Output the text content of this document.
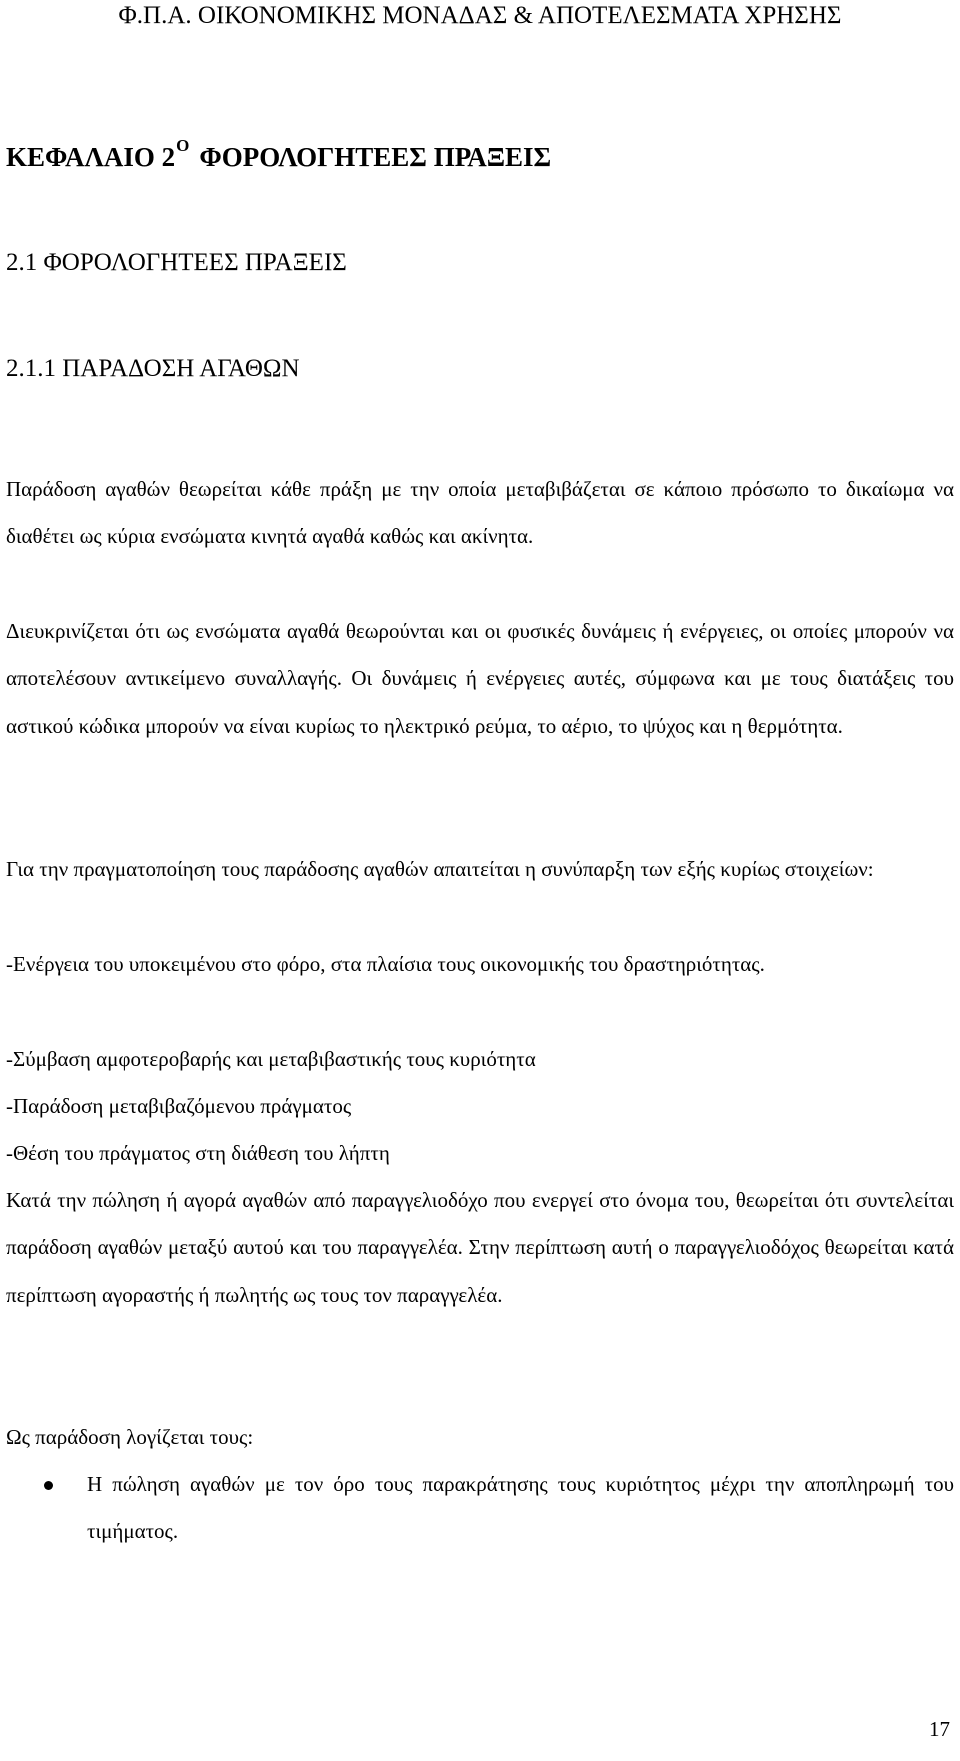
Φ.Π.Α. ΟΙΚΟΝΟΜΙΚΗΣ ΜΟΝΑΔΑΣ & ΑΠΟΤΕΛΕΣΜΑΤΑ ΧΡΗΣΗΣ
ΚΕΦΑΛΑΙΟ $2^O$ ΦΟΡΟΛΟΓΗΤΕΕΣ ΠΡΑΞΕΙΣ
2.1 ΦΟΡΟΛΟΓΗΤΕΕΣ ΠΡΑΞΕΙΣ
2.1.1 ΠΑΡΑΔΟΣΗ ΑΓΑΘΩΝ
Παράδοση αγαθών θεωρείται κάθε πράξη με την οποία μεταβιβάζεται σε κάποιο πρόσωπο το δικαίωμα να διαθέτει ως κύρια ενσώματα κινητά αγαθά καθώς και ακίνητα.
Διευκρινίζεται ότι ως ενσώματα αγαθά θεωρούνται και οι φυσικές δυνάμεις ή ενέργειες, οι οποίες μπορούν να αποτελέσουν αντικείμενο συναλλαγής. Οι δυνάμεις ή ενέργειες αυτές, σύμφωνα και με τους διατάξεις του αστικού κώδικα μπορούν να είναι κυρίως το ηλεκτρικό ρεύμα, το αέριο, το ψύχος και η θερμότητα.
Για την πραγματοποίηση τους παράδοσης αγαθών απαιτείται η συνύπαρξη των εξής κυρίως στοιχείων:
-Ενέργεια του υποκειμένου στο φόρο, στα πλαίσια τους οικονομικής του δραστηριότητας.
-Σύμβαση αμφοτεροβαρής και μεταβιβαστικής τους κυριότητα
-Παράδοση μεταβιβαζόμενου πράγματος
-Θέση του πράγματος στη διάθεση του λήπτη
Κατά την πώληση ή αγορά αγαθών από παραγγελιοδόχο που ενεργεί στο όνομα του, θεωρείται ότι συντελείται παράδοση αγαθών μεταξύ αυτού και του παραγγελέα. Στην περίπτωση αυτή ο παραγγελιοδόχος θεωρείται κατά περίπτωση αγοραστής ή πωλητής ως τους τον παραγγελέα.
Ως παράδοση λογίζεται τους:
Η πώληση αγαθών με τον όρο τους παρακράτησης τους κυριότητος μέχρι την αποπληρωμή του τιμήματος.
17
